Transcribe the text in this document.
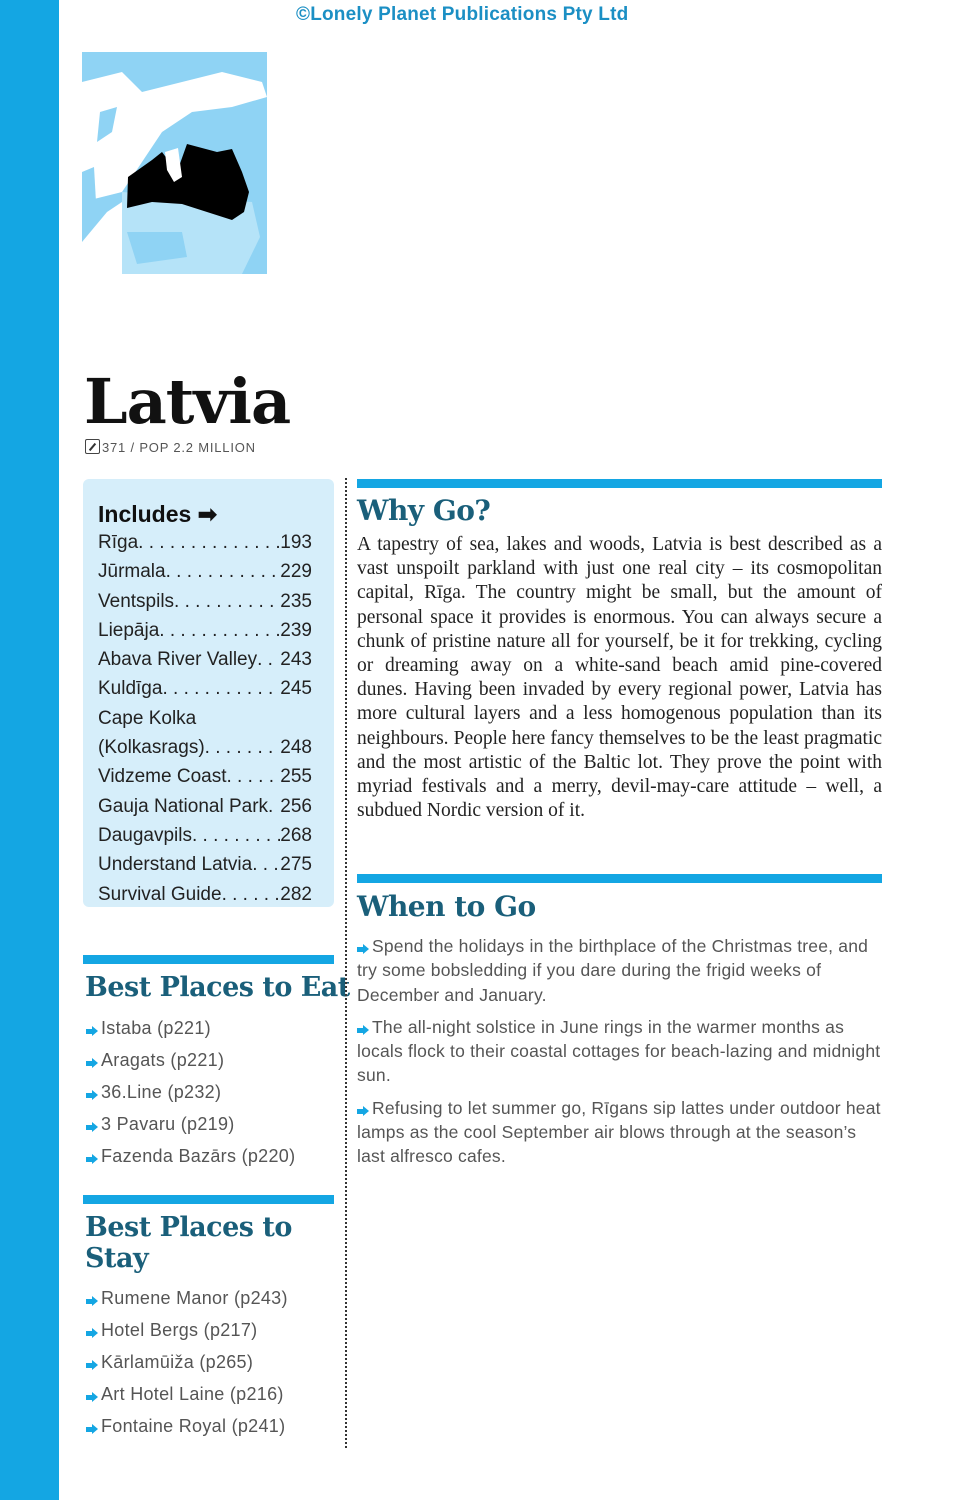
©Lonely Planet Publications Pty Ltd
Latvia
371 / POP 2.2 MILLION
Includes ➡
Rīga . . .	193
Jūrmala . . .	229
Ventspils . . .	235
Liepāja . . .	239
Abava River Valley . . . 243
Kuldīga . . .	245
Cape Kolka
(Kolkasrags) . . .	248
Vidzeme Coast . . .	255
Gauja National Park . . . 256
Daugavpils . . .	268
Understand Latvia . . . 275
Survival Guide . . .	282
Best Places to Eat
Istaba (p221)
Aragats (p221)
36.Line (p232)
3 Pavaru (p219)
Fazenda Bazārs (p220)
Best Places to Stay
Rumene Manor (p243)
Hotel Bergs (p217)
Kārlamūiža (p265)
Art Hotel Laine (p216)
Fontaine Royal (p241)
Why Go?

A tapestry of sea, lakes and woods, Latvia is best described as a vast unspoilt parkland with just one real city – its cosmopolitan capital, Rīga. The country might be small, but the amount of personal space it provides is enormous. You can always secure a chunk of pristine nature all for yourself, be it for trekking, cycling or dreaming away on a white-sand beach amid pine-covered dunes. Having been invaded by every regional power, Latvia has more cultural layers and a less homogenous population than its neighbours. People here fancy themselves to be the least pragmatic and the most artistic of the Baltic lot. They prove the point with myriad festivals and a merry, devil-may-care attitude – well, a subdued Nordic version of it.

When to Go
Spend the holidays in the birthplace of the Christmas tree, and try some bobsledding if you dare during the frigid weeks of December and January.
The all-night solstice in June rings in the warmer months as locals flock to their coastal cottages for beach-lazing and midnight sun.
Refusing to let summer go, Rīgans sip lattes under outdoor heat lamps as the cool September air blows through at the season’s last alfresco cafes.
